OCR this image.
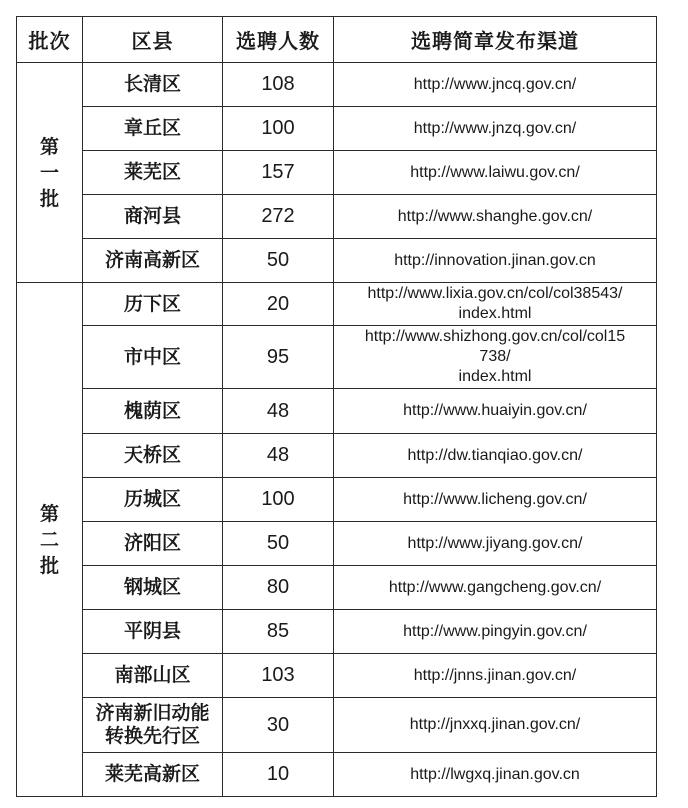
批次	区县	选聘人数	选聘简章发布渠道

第
一
批	长清区	108	http://www.jncq.gov.cn/

	章丘区	100	http://www.jnzq.gov.cn/

	莱芜区	157	http://www.laiwu.gov.cn/

	商河县	272	http://www.shanghe.gov.cn/

	济南高新区	50	http://innovation.jinan.gov.cn

第
二
批	历下区	20	http://www.lixia.gov.cn/col/col38543/
index.html

	市中区	95	http://www.shizhong.gov.cn/col/col15
738/
index.html

	槐荫区	48	http://www.huaiyin.gov.cn/

	天桥区	48	http://dw.tianqiao.gov.cn/

	历城区	100	http://www.licheng.gov.cn/

	济阳区	50	http://www.jiyang.gov.cn/

	钢城区	80	http://www.gangcheng.gov.cn/

	平阴县	85	http://www.pingyin.gov.cn/

	南部山区	103	http://jnns.jinan.gov.cn/

	济南新旧动能
转换先行区	30	http://jnxxq.jinan.gov.cn/

	莱芜高新区	10	http://lwgxq.jinan.gov.cn
